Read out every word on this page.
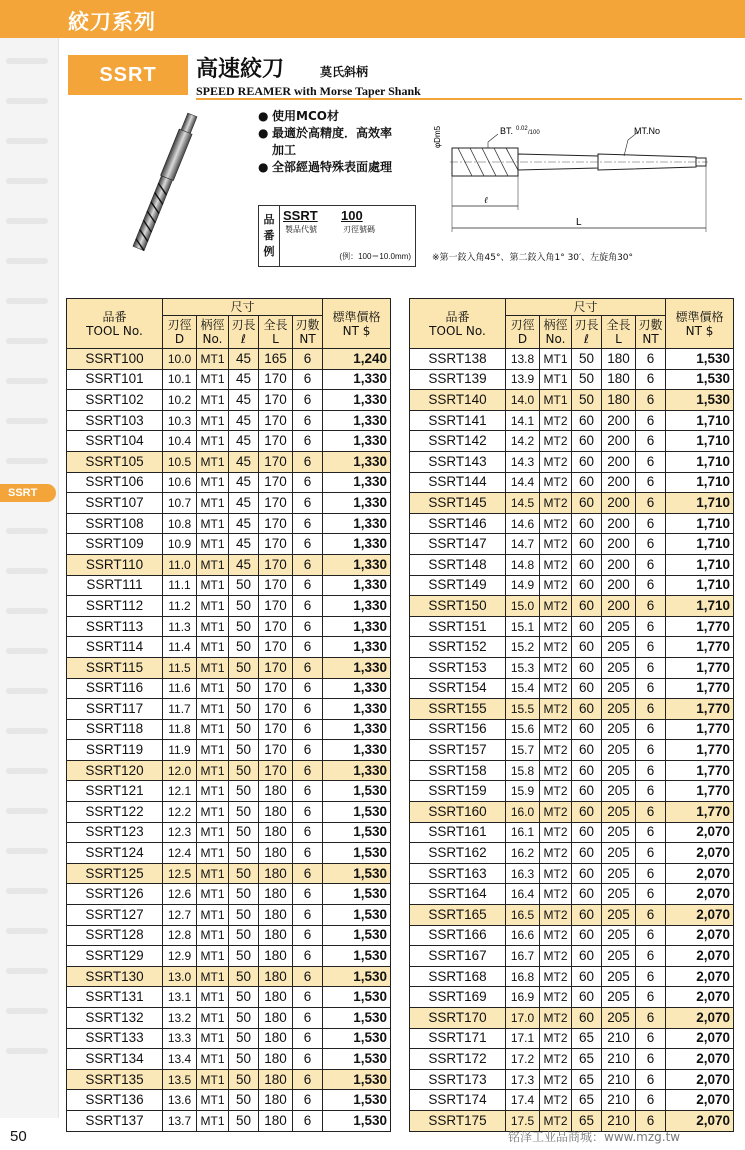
絞刀系列
SSRT
SSRT	高速絞刀	莫氏斜柄
SPEED REAMER with Morse Taper Shank
● 使用MCO材
● 最適於高精度．高效率
加工
● 全部經過特殊表面處理
BT. 0.02
/100	MT.No
φDm5
ℓ
L
品
番
例
SSRT 100
製品代號	刃徑號碼
(例：100＝10.0mm) ※第一鉸入角45°、第二鉸入角1° 30′、左旋角30°
品番
TOOL No.	尺寸					標準價格
NT $
	刃徑
D	柄徑
No.	刃長
ℓ	全長
L	刃數
NT	
SSRT100	10.0	MT1	45	165	6	1,240
SSRT101	10.1	MT1	45	170	6	1,330
SSRT102	10.2	MT1	45	170	6	1,330
SSRT103	10.3	MT1	45	170	6	1,330
SSRT104	10.4	MT1	45	170	6	1,330
SSRT105	10.5	MT1	45	170	6	1,330
SSRT106	10.6	MT1	45	170	6	1,330
SSRT107	10.7	MT1	45	170	6	1,330
SSRT108	10.8	MT1	45	170	6	1,330
SSRT109	10.9	MT1	45	170	6	1,330
SSRT110	11.0	MT1	45	170	6	1,330
SSRT111	11.1	MT1	50	170	6	1,330
SSRT112	11.2	MT1	50	170	6	1,330
SSRT113	11.3	MT1	50	170	6	1,330
SSRT114	11.4	MT1	50	170	6	1,330
SSRT115	11.5	MT1	50	170	6	1,330
SSRT116	11.6	MT1	50	170	6	1,330
SSRT117	11.7	MT1	50	170	6	1,330
SSRT118	11.8	MT1	50	170	6	1,330
SSRT119	11.9	MT1	50	170	6	1,330
SSRT120	12.0	MT1	50	170	6	1,330
SSRT121	12.1	MT1	50	180	6	1,530
SSRT122	12.2	MT1	50	180	6	1,530
SSRT123	12.3	MT1	50	180	6	1,530
SSRT124	12.4	MT1	50	180	6	1,530
SSRT125	12.5	MT1	50	180	6	1,530
SSRT126	12.6	MT1	50	180	6	1,530
SSRT127	12.7	MT1	50	180	6	1,530
SSRT128	12.8	MT1	50	180	6	1,530
SSRT129	12.9	MT1	50	180	6	1,530
SSRT130	13.0	MT1	50	180	6	1,530
SSRT131	13.1	MT1	50	180	6	1,530
SSRT132	13.2	MT1	50	180	6	1,530
SSRT133	13.3	MT1	50	180	6	1,530
SSRT134	13.4	MT1	50	180	6	1,530
SSRT135	13.5	MT1	50	180	6	1,530
SSRT136	13.6	MT1	50	180	6	1,530
SSRT137	13.7	MT1	50	180	6	1,530
品番
TOOL No.	尺寸					標準價格
NT $
	刃徑
D	柄徑
No.	刃長
ℓ	全長
L	刃數
NT	
SSRT138	13.8	MT1	50	180	6	1,530
SSRT139	13.9	MT1	50	180	6	1,530
SSRT140	14.0	MT1	50	180	6	1,530
SSRT141	14.1	MT2	60	200	6	1,710
SSRT142	14.2	MT2	60	200	6	1,710
SSRT143	14.3	MT2	60	200	6	1,710
SSRT144	14.4	MT2	60	200	6	1,710
SSRT145	14.5	MT2	60	200	6	1,710
SSRT146	14.6	MT2	60	200	6	1,710
SSRT147	14.7	MT2	60	200	6	1,710
SSRT148	14.8	MT2	60	200	6	1,710
SSRT149	14.9	MT2	60	200	6	1,710
SSRT150	15.0	MT2	60	200	6	1,710
SSRT151	15.1	MT2	60	205	6	1,770
SSRT152	15.2	MT2	60	205	6	1,770
SSRT153	15.3	MT2	60	205	6	1,770
SSRT154	15.4	MT2	60	205	6	1,770
SSRT155	15.5	MT2	60	205	6	1,770
SSRT156	15.6	MT2	60	205	6	1,770
SSRT157	15.7	MT2	60	205	6	1,770
SSRT158	15.8	MT2	60	205	6	1,770
SSRT159	15.9	MT2	60	205	6	1,770
SSRT160	16.0	MT2	60	205	6	1,770
SSRT161	16.1	MT2	60	205	6	2,070
SSRT162	16.2	MT2	60	205	6	2,070
SSRT163	16.3	MT2	60	205	6	2,070
SSRT164	16.4	MT2	60	205	6	2,070
SSRT165	16.5	MT2	60	205	6	2,070
SSRT166	16.6	MT2	60	205	6	2,070
SSRT167	16.7	MT2	60	205	6	2,070
SSRT168	16.8	MT2	60	205	6	2,070
SSRT169	16.9	MT2	60	205	6	2,070
SSRT170	17.0	MT2	60	205	6	2,070
SSRT171	17.1	MT2	65	210	6	2,070
SSRT172	17.2	MT2	65	210	6	2,070
SSRT173	17.3	MT2	65	210	6	2,070
SSRT174	17.4	MT2	65	210	6	2,070
SSRT175	17.5	MT2	65	210	6	2,070
50	铭泽工业品商城：www.mzg.tw
